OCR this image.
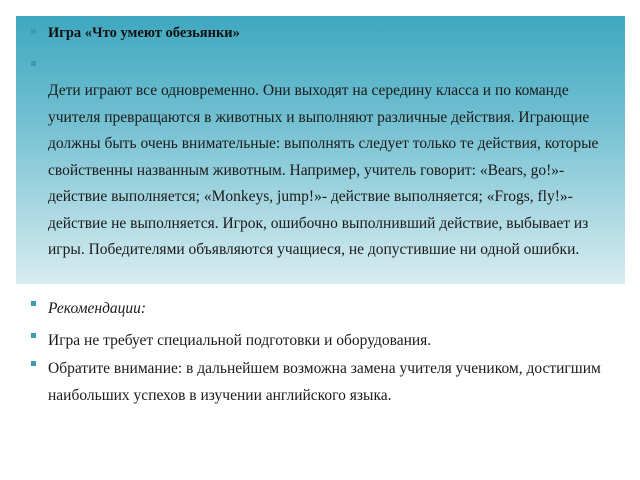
▪ Игра «Что умеют обезьянки»
▪
Дети играют все одновременно. Они выходят на середину класса и по команде учителя превращаются в животных и выполняют различные действия. Играющие должны быть очень внимательные: выполнять следует только те действия, которые свойственны названным животным. Например, учитель говорит: «Bears, go!»- действие выполняется; «Monkeys, jump!»- действие выполняется; «Frogs, fly!»- действие не выполняется. Игрок, ошибочно выполнивший действие, выбывает из игры. Победителями объявляются учащиеся, не допустившие ни одной ошибки.
▪ Рекомендации:
▪ Игра не требует специальной подготовки и оборудования.
▪ Обратите внимание: в дальнейшем возможна замена учителя учеником, достигшим наибольших успехов в изучении английского языка.
